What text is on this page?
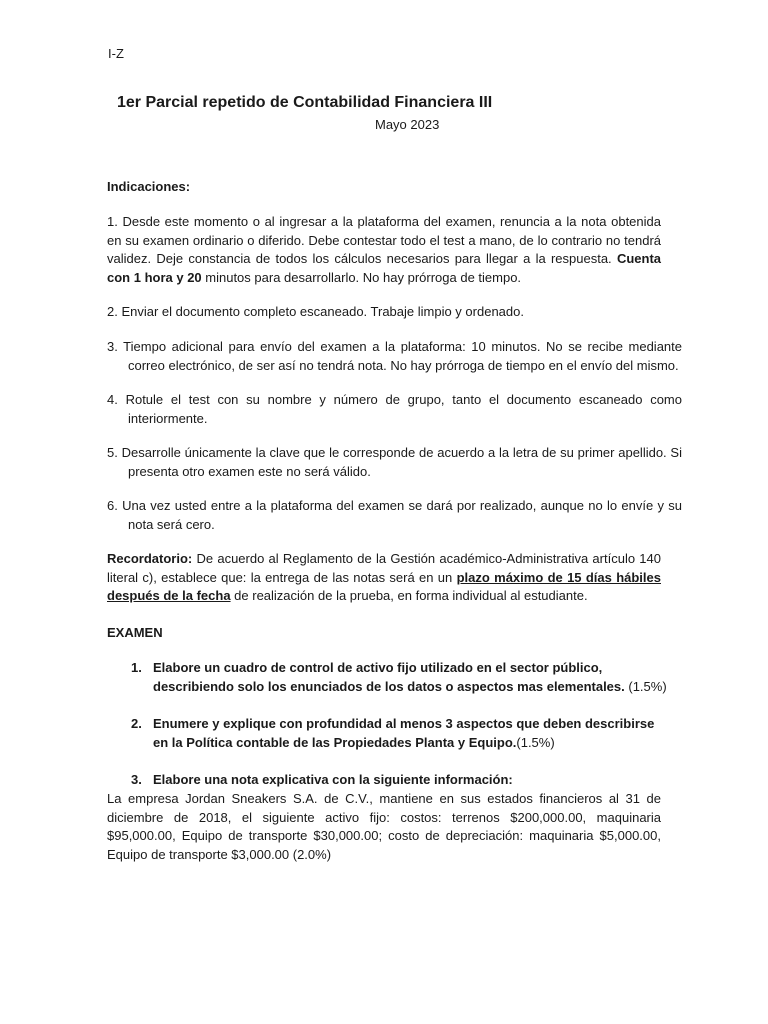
I-Z
1er Parcial repetido de Contabilidad Financiera III
Mayo 2023
Indicaciones:
1. Desde este momento o al ingresar a la plataforma del examen, renuncia a la nota obtenida en su examen ordinario o diferido. Debe contestar todo el test a mano, de lo contrario no tendrá validez. Deje constancia de todos los cálculos necesarios para llegar a la respuesta. Cuenta con 1 hora y 20 minutos para desarrollarlo. No hay prórroga de tiempo.
2. Enviar el documento completo escaneado. Trabaje limpio y ordenado.
3. Tiempo adicional para envío del examen a la plataforma: 10 minutos. No se recibe mediante correo electrónico, de ser así no tendrá nota. No hay prórroga de tiempo en el envío del mismo.
4. Rotule el test con su nombre y número de grupo, tanto el documento escaneado como interiormente.
5. Desarrolle únicamente la clave que le corresponde de acuerdo a la letra de su primer apellido. Si presenta otro examen este no será válido.
6. Una vez usted entre a la plataforma del examen se dará por realizado, aunque no lo envíe y su nota será cero.
Recordatorio: De acuerdo al Reglamento de la Gestión académico-Administrativa artículo 140 literal c), establece que: la entrega de las notas será en un plazo máximo de 15 días hábiles después de la fecha de realización de la prueba, en forma individual al estudiante.
EXAMEN
1. Elabore un cuadro de control de activo fijo utilizado en el sector público, describiendo solo los enunciados de los datos o aspectos mas elementales. (1.5%)
2. Enumere y explique con profundidad al menos 3 aspectos que deben describirse en la Política contable de las Propiedades Planta y Equipo.(1.5%)
3. Elabore una nota explicativa con la siguiente información:
La empresa Jordan Sneakers S.A. de C.V., mantiene en sus estados financieros al 31 de diciembre de 2018, el siguiente activo fijo: costos: terrenos $200,000.00, maquinaria $95,000.00, Equipo de transporte $30,000.00; costo de depreciación: maquinaria $5,000.00, Equipo de transporte $3,000.00 (2.0%)
